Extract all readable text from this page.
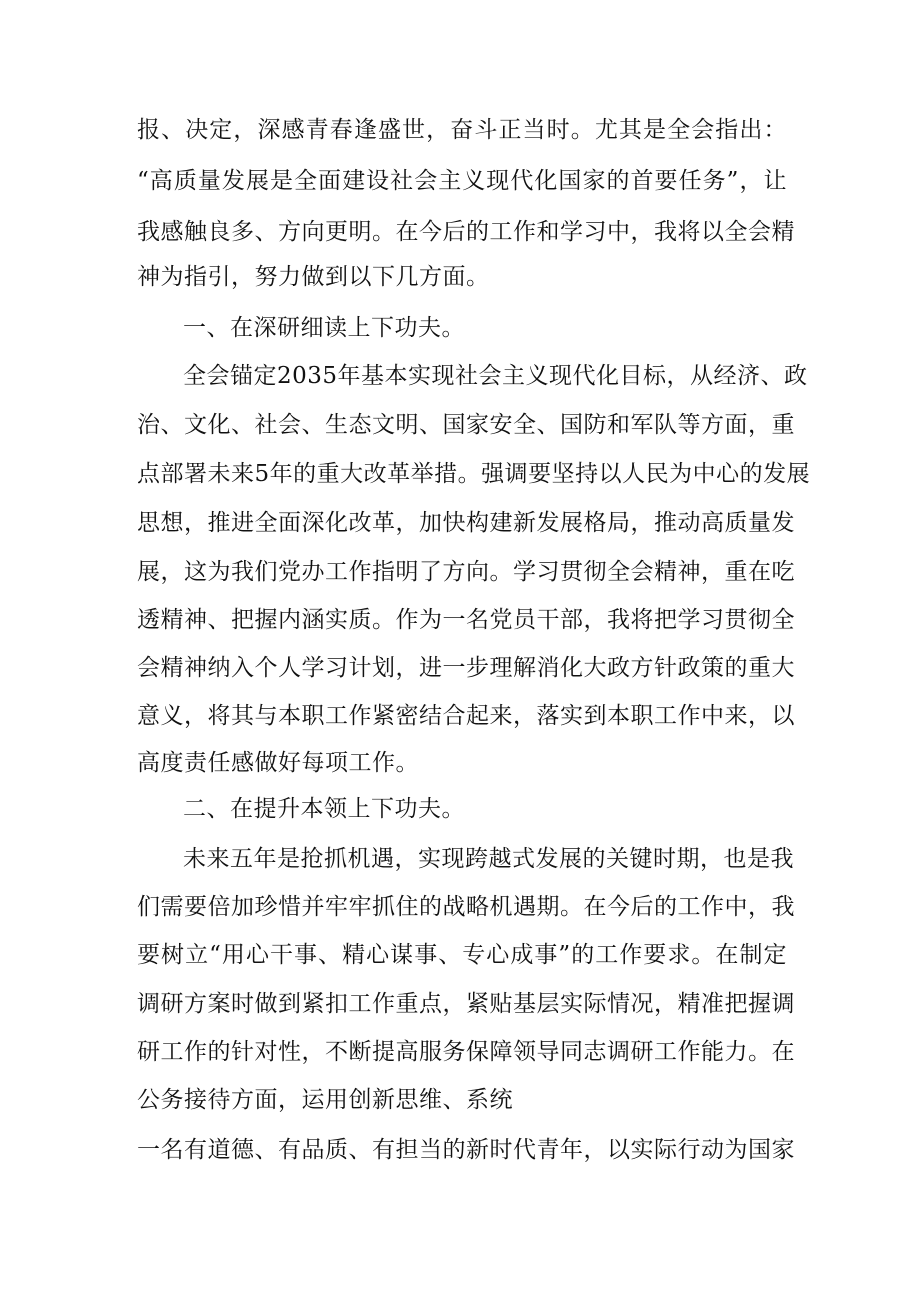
报、决定，深感青春逢盛世，奋斗正当时。尤其是全会指出：
“高质量发展是全面建设社会主义现代化国家的首要任务”，让
我感触良多、方向更明。在今后的工作和学习中，我将以全会精
神为指引，努力做到以下几方面。
一、在深研细读上下功夫。
全会锚定2035年基本实现社会主义现代化目标，从经济、政
治、文化、社会、生态文明、国家安全、国防和军队等方面，重
点部署未来5年的重大改革举措。强调要坚持以人民为中心的发展
思想，推进全面深化改革，加快构建新发展格局，推动高质量发
展，这为我们党办工作指明了方向。学习贯彻全会精神，重在吃
透精神、把握内涵实质。作为一名党员干部，我将把学习贯彻全
会精神纳入个人学习计划，进一步理解消化大政方针政策的重大
意义，将其与本职工作紧密结合起来，落实到本职工作中来，以
高度责任感做好每项工作。
二、在提升本领上下功夫。
未来五年是抢抓机遇，实现跨越式发展的关键时期，也是我
们需要倍加珍惜并牢牢抓住的战略机遇期。在今后的工作中，我
要树立“用心干事、精心谋事、专心成事”的工作要求。在制定
调研方案时做到紧扣工作重点，紧贴基层实际情况，精准把握调
研工作的针对性，不断提高服务保障领导同志调研工作能力。在
公务接待方面，运用创新思维、系统
一名有道德、有品质、有担当的新时代青年，以实际行动为国家
